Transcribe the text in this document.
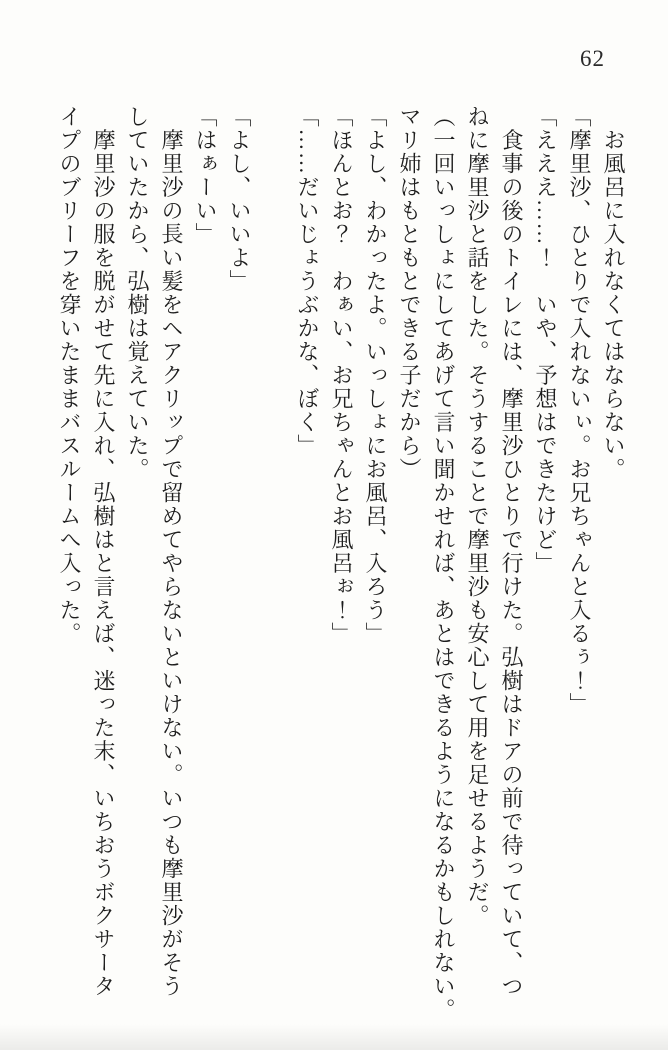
62

　お風呂に入れなくてはならない。

「摩里沙、ひとりで入れないぃ。お兄ちゃんと入るぅ！」

「えええ……！　いや、予想はできたけど」

　食事の後のトイレには、摩里沙ひとりで行けた。弘樹はドアの前で待っていて、つ

ねに摩里沙と話をした。そうすることで摩里沙も安心して用を足せるようだ。

（一回いっしょにしてあげて言い聞かせれば、あとはできるようになるかもしれない。

マリ姉はもともとできる子だから）

「よし、わかったよ。いっしょにお風呂、入ろう」

「ほんとお？　わぁい、お兄ちゃんとお風呂ぉ！」

「……だいじょうぶかな、ぼく」

「よし、いいよ」

「はぁーい」

　摩里沙の長い髪をヘアクリップで留めてやらないといけない。いつも摩里沙がそう

していたから、弘樹は覚えていた。

　摩里沙の服を脱がせて先に入れ、弘樹はと言えば、迷った末、いちおうボクサータ

イプのブリーフを穿いたままバスルームへ入った。
